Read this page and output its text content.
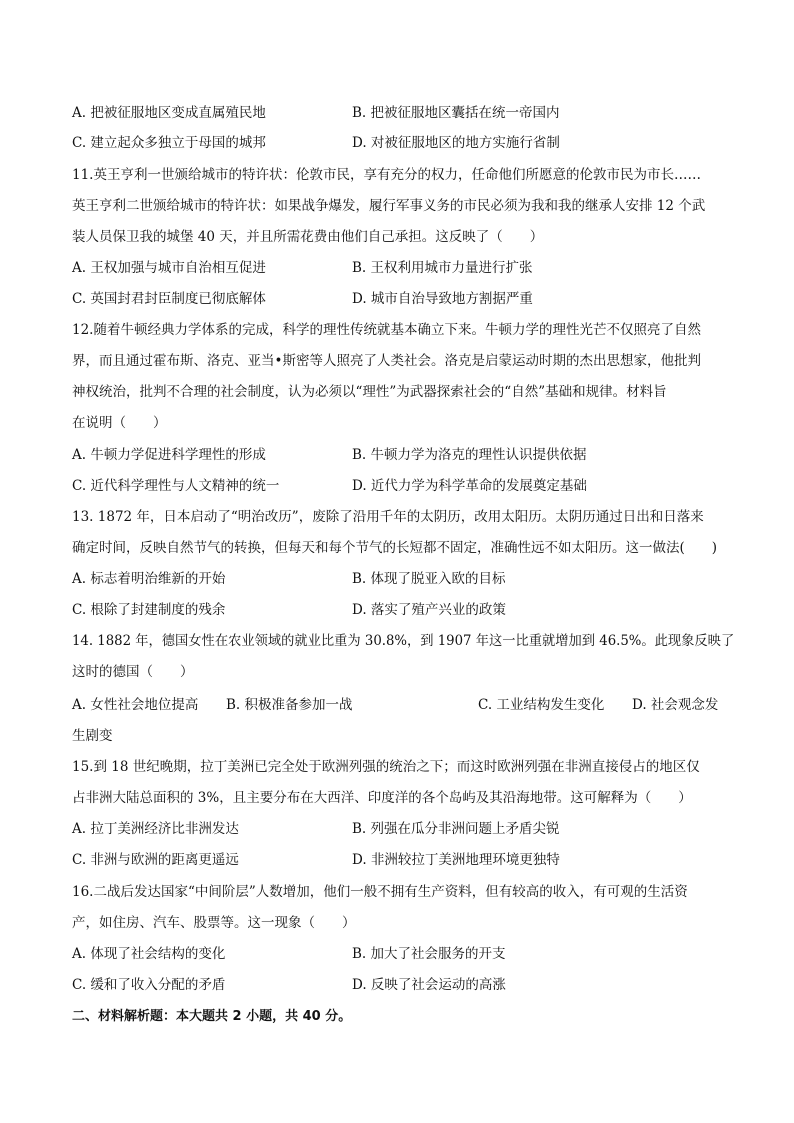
A. 把被征服地区变成直属殖民地	B. 把被征服地区囊括在统一帝国内
C. 建立起众多独立于母国的城邦	D. 对被征服地区的地方实施行省制
11.英王亨利一世颁给城市的特许状：伦敦市民，享有充分的权力，任命他们所愿意的伦敦市民为市长……
英王亨利二世颁给城市的特许状：如果战争爆发，履行军事义务的市民必须为我和我的继承人安排 12 个武
装人员保卫我的城堡 40 天，并且所需花费由他们自己承担。这反映了（　　）
A. 王权加强与城市自治相互促进	B. 王权利用城市力量进行扩张
C. 英国封君封臣制度已彻底解体	D. 城市自治导致地方割据严重
12.随着牛顿经典力学体系的完成，科学的理性传统就基本确立下来。牛顿力学的理性光芒不仅照亮了自然
界，而且通过霍布斯、洛克、亚当•斯密等人照亮了人类社会。洛克是启蒙运动时期的杰出思想家，他批判
神权统治，批判不合理的社会制度，认为必须以“理性”为武器探索社会的“自然”基础和规律。材料旨
在说明（　　）
A. 牛顿力学促进科学理性的形成	B. 牛顿力学为洛克的理性认识提供依据
C. 近代科学理性与人文精神的统一	D. 近代力学为科学革命的发展奠定基础
13. 1872 年，日本启动了“明治改历”，废除了沿用千年的太阴历，改用太阳历。太阴历通过日出和日落来
确定时间，反映自然节气的转换，但每天和每个节气的长短都不固定，准确性远不如太阳历。这一做法(　　)
A. 标志着明治维新的开始	B. 体现了脱亚入欧的目标
C. 根除了封建制度的残余	D. 落实了殖产兴业的政策
14. 1882 年，德国女性在农业领域的就业比重为 30.8%，到 1907 年这一比重就增加到 46.5%。此现象反映了
这时的德国（　　）
A. 女性社会地位提高 B. 积极准备参加一战	C. 工业结构发生变化 D. 社会观念发
生剧变
15.到 18 世纪晚期，拉丁美洲已完全处于欧洲列强的统治之下；而这时欧洲列强在非洲直接侵占的地区仅
占非洲大陆总面积的 3%，且主要分布在大西洋、印度洋的各个岛屿及其沿海地带。这可解释为（　　）
A. 拉丁美洲经济比非洲发达	B. 列强在瓜分非洲问题上矛盾尖锐
C. 非洲与欧洲的距离更遥远	D. 非洲较拉丁美洲地理环境更独特
16.二战后发达国家“中间阶层”人数增加，他们一般不拥有生产资料，但有较高的收入，有可观的生活资
产，如住房、汽车、股票等。这一现象（　　）
A. 体现了社会结构的变化	B. 加大了社会服务的开支
C. 缓和了收入分配的矛盾	D. 反映了社会运动的高涨
二、材料解析题：本大题共 2 小题，共 40 分。
